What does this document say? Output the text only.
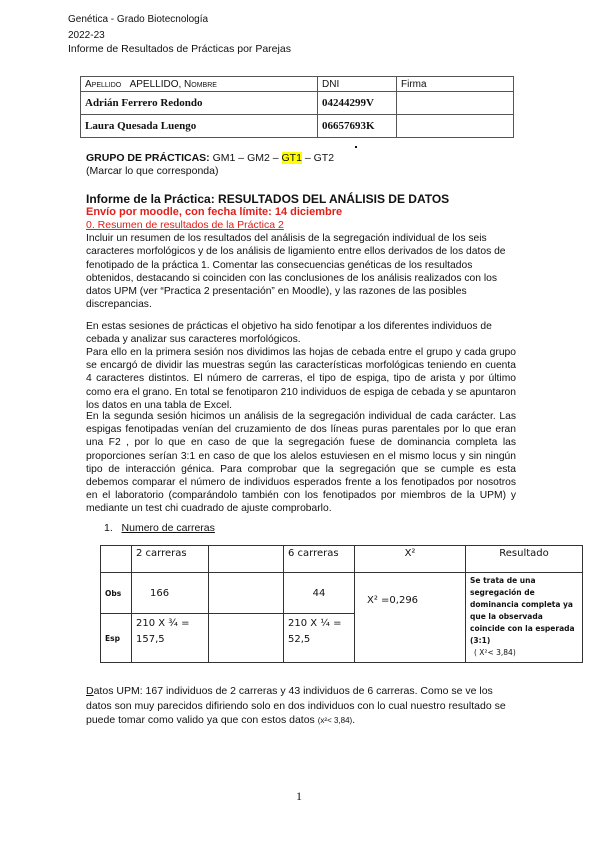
Genética - Grado Biotecnología
2022-23
Informe de Resultados de Prácticas por Parejas
Apellido APELLIDO, Nombre	DNI	Firma
Adrián Ferrero Redondo	04244299V	
Laura Quesada Luengo	06657693K	
GRUPO DE PRÁCTICAS: GM1 – GM2 – GT1 – GT2
(Marcar lo que corresponda)
Informe de la Práctica: RESULTADOS DEL ANÁLISIS DE DATOS
Envío por moodle, con fecha límite: 14 diciembre
0. Resumen de resultados de la Práctica 2
Incluir un resumen de los resultados del análisis de la segregación individual de los seis caracteres morfológicos y de los análisis de ligamiento entre ellos derivados de los datos de fenotipado de la práctica 1. Comentar las consecuencias genéticas de los resultados obtenidos, destacando si coinciden con las conclusiones de los análisis realizados con los datos UPM (ver “Practica 2 presentación” en Moodle), y las razones de las posibles discrepancias.
En estas sesiones de prácticas el objetivo ha sido fenotipar a los diferentes individuos de cebada y analizar sus caracteres morfológicos.
Para ello en la primera sesión nos dividimos las hojas de cebada entre el grupo y cada grupo se encargó de dividir las muestras según las características morfológicas teniendo en cuenta 4 caracteres distintos. El número de carreras, el tipo de espiga, tipo de arista y por último como era el grano. En total se fenotiparon 210 individuos de espiga de cebada y se apuntaron los datos en una tabla de Excel.
En la segunda sesión hicimos un análisis de la segregación individual de cada carácter. Las espigas fenotipadas venían del cruzamiento de dos líneas puras parentales por lo que eran una F2 , por lo que en caso de que la segregación fuese de dominancia completa las proporciones serían 3:1 en caso de que los alelos estuviesen en el mismo locus y sin ningún tipo de interacción génica. Para comprobar que la segregación que se cumple es esta debemos comparar el número de individuos esperados frente a los fenotipados por nosotros en el laboratorio (comparándolo también con los fenotipados por miembros de la UPM) y mediante un test chi cuadrado de ajuste comprobarlo.
1. Numero de carreras
	2 carreras		6 carreras	X²	Resultado
Obs	166		44	X² =0,296	Se trata de una segregación de dominancia completa ya que la observada coincide con la esperada (3:1)
( X²< 3,84)
Esp	210 X ¾ = 157,5		210 X ¼ = 52,5		
Datos UPM: 167 individuos de 2 carreras y 43 individuos de 6 carreras. Como se ve los datos son muy parecidos difiriendo solo en dos individuos con lo cual nuestro resultado se puede tomar como valido ya que con estos datos (x²< 3,84).
1
